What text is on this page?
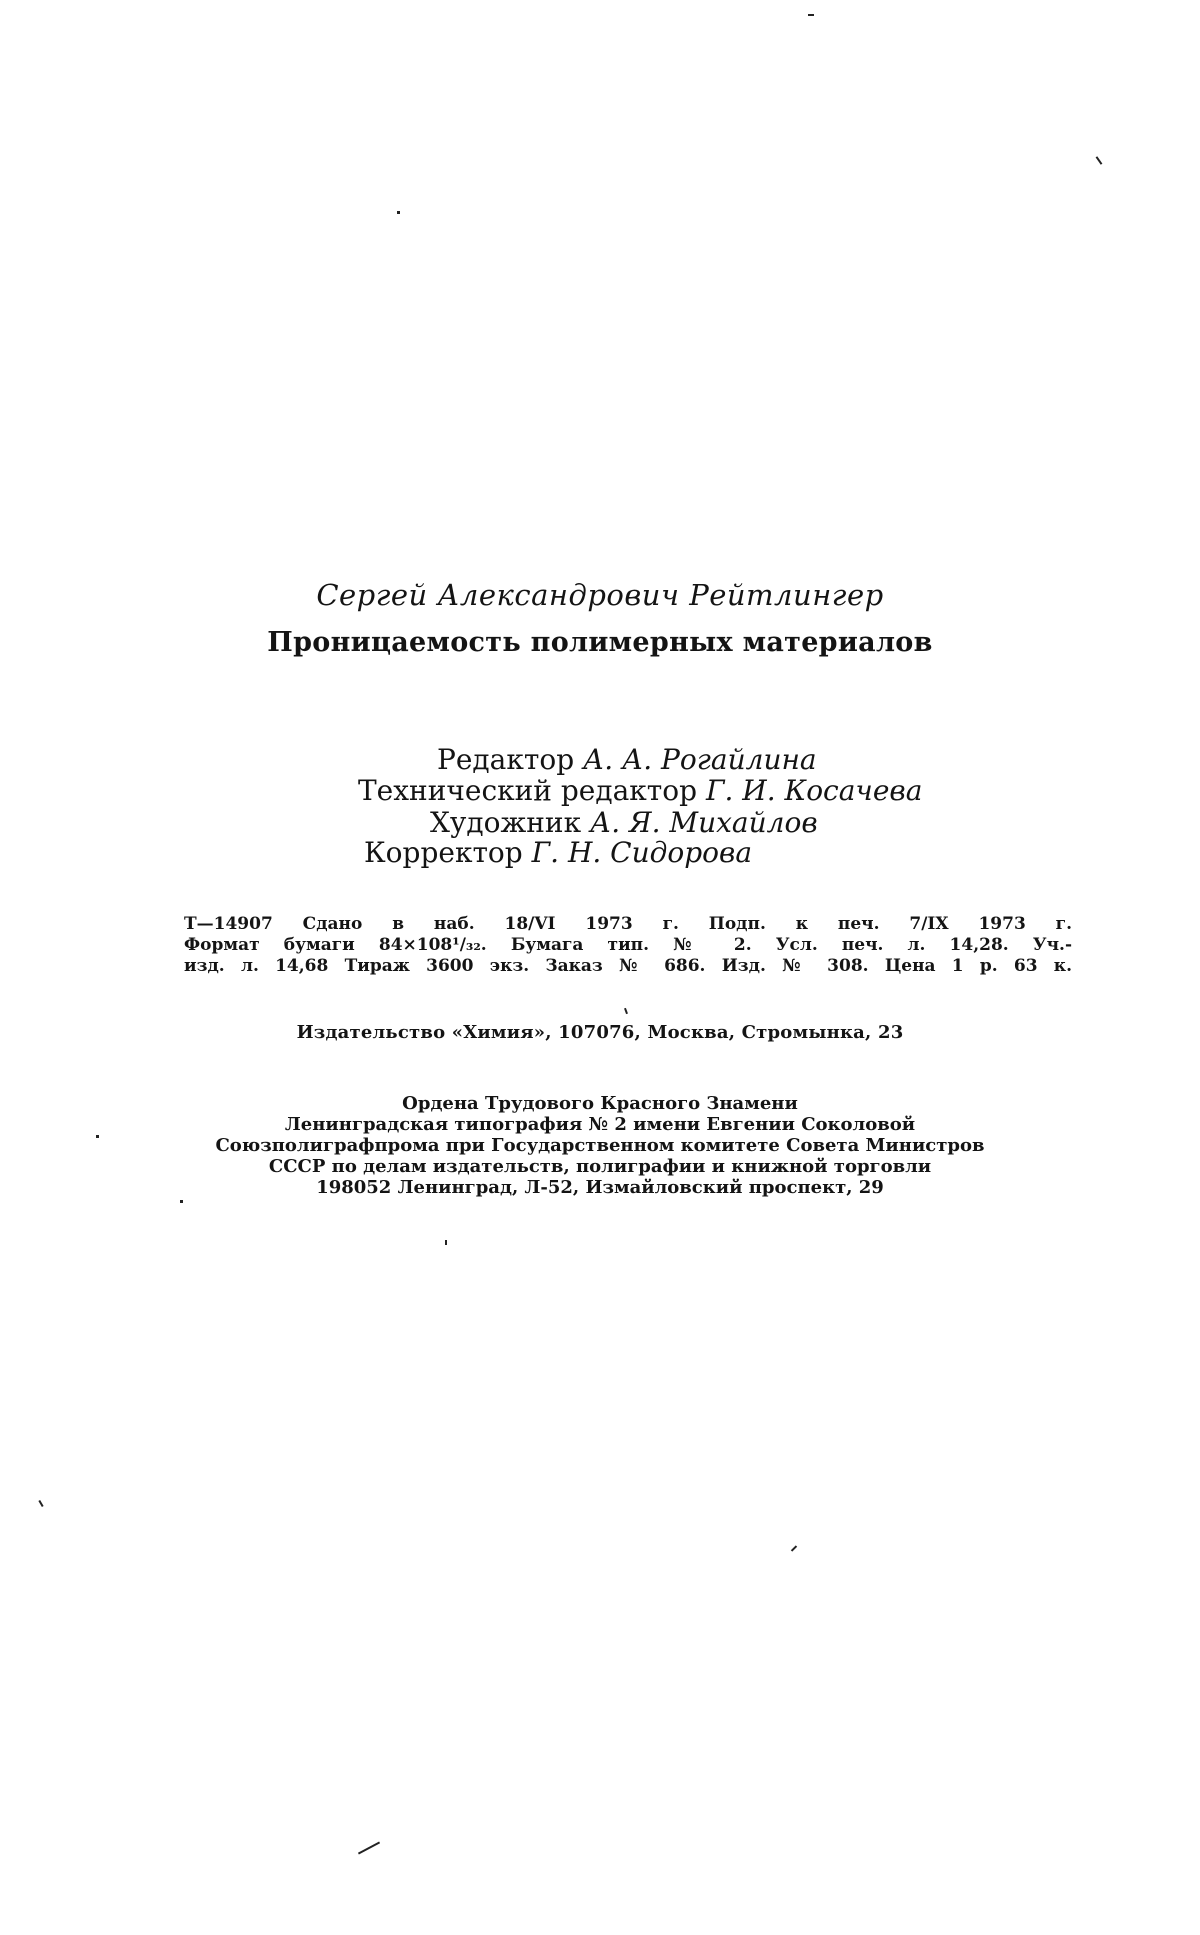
Сергей Александрович Рейтлингер
Проницаемость полимерных материалов
Редактор А. А. Рогайлина
Технический редактор Г. И. Косачева
Художник А. Я. Михайлов
Корректор Г. Н. Сидорова
Т—14907 Сдано в наб. 18/VI 1973 г. Подп. к печ. 7/IX 1973 г.
Формат бумаги 84×108¹/₃₂. Бумага тип. № 2. Усл. печ. л. 14,28. Уч.-
изд. л. 14,68 Тираж 3600 экз. Заказ № 686. Изд. № 308. Цена 1 р. 63 к.
Издательство «Химия», 107076, Москва, Стромынка, 23
Ордена Трудового Красного Знамени
Ленинградская типография № 2 имени Евгении Соколовой
Союзполиграфпрома при Государственном комитете Совета Министров
СССР по делам издательств, полиграфии и книжной торговли
198052 Ленинград, Л-52, Измайловский проспект, 29
